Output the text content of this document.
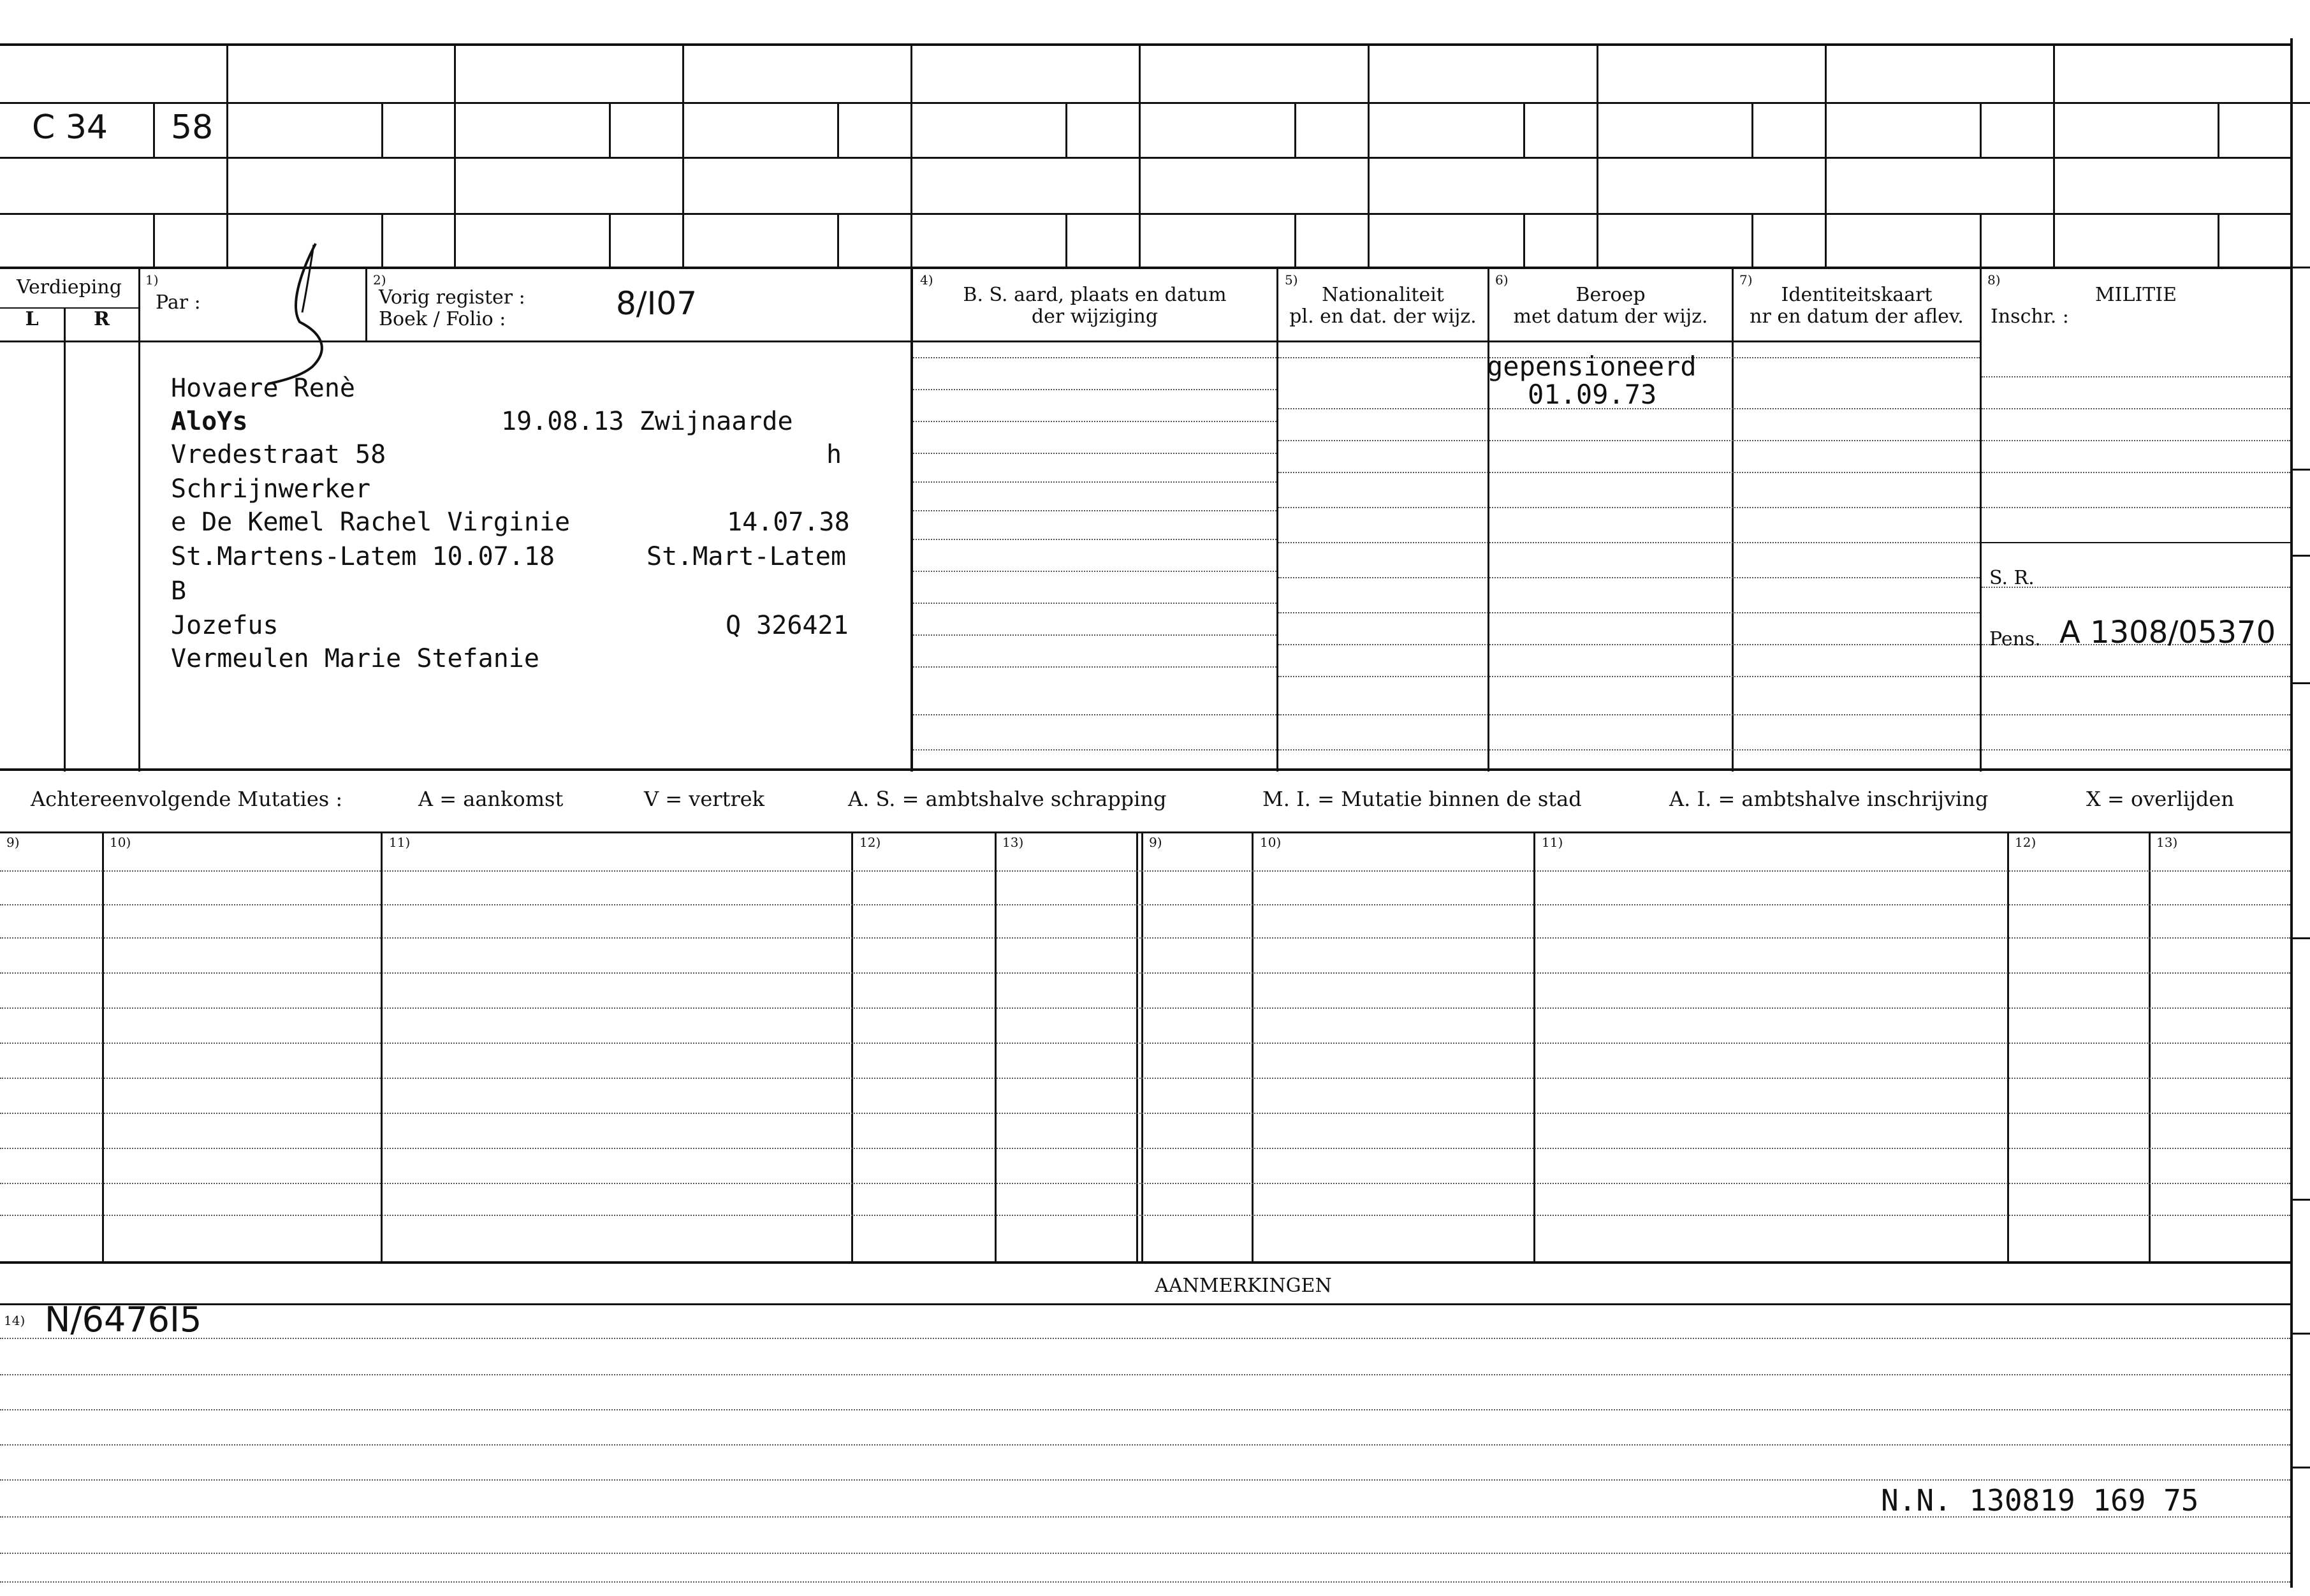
C 34 58
Verdieping
L	R
1)
Par :
2)
Vorig register :
Boek / Folio :	8/I07
4)
B. S. aard, plaats en datum
der wijziging
5)
Nationaliteit
pl. en dat. der wijz.
6)
Beroep
met datum der wijz.
7)
Identiteitskaart
nr en datum der aflev.
8)
MILITIE
Inschr. :
Hovaere Renè
AloYs	19.08.13 Zwijnaarde
Vredestraat 58	h
Schrijnwerker
e De Kemel Rachel Virginie	14.07.38
St.Martens-Latem 10.07.18	St.Mart-Latem
B
Jozefus	Q 326421
Vermeulen Marie Stefanie
gepensioneerd
01.09.73
S. R.
Pens. A 1308/05370
Achtereenvolgende Mutaties :	A = aankomst	V = vertrek	A. S. = ambtshalve schrapping	M. I. = Mutatie binnen de stad	A. I. = ambtshalve inschrijving	X = overlijden
9)	10)	11)	12)	13)	9)	10)	11)	12)	13)
AANMERKINGEN
14) N/6476I5
N.N. 130819 169 75
